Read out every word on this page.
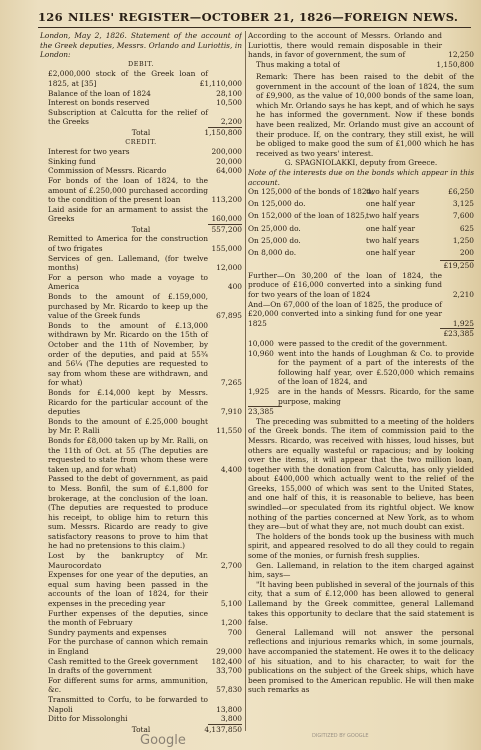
126 NILES' REGISTER—OCTOBER 21, 1826—FOREIGN NEWS.
London, May 2, 1826. Statement of the account of the Greek deputies, Messrs. Orlando and Luriottis, in London:
DEBIT.
£2,000,000 stock of the Greek loan of 1825, at [35]	£1,110,000
Balance of the loan of 1824	28,100
Interest on bonds reserved	10,500
Subscription at Calcutta for the relief of the Greeks	2,200
Total	1,150,800
CREDIT.
Interest for two years	200,000
Sinking fund	20,000
Commission of Messrs. Ricardo	64,000
For bonds of the loan of 1824, to the amount of £.250,000 purchased according to the condition of the present loan	113,200
Laid aside for an armament to assist the Greeks	160,000
Total	557,200
Remitted to America for the construction of two frigates	155,000
Services of gen. Lallemand, (for twelve months)	12,000
For a person who made a voyage to America	400
Bonds to the amount of £.159,000, purchased by Mr. Ricardo to keep up the value of the Greek funds	67,895
Bonds to the amount of £.13,000 withdrawn by Mr. Ricardo on the 15th of October and the 11th of November, by order of the deputies, and paid at 55¾ and 56¼ (The deputies are requested to say from whom these are withdrawn, and for what)	7,265
Bonds for £.14,000 kept by Messrs. Ricardo for the particular account of the deputies	7,910
Bonds to the amount of £.25,000 bought by Mr. P. Ralli	11,550
Bonds for £8,000 taken up by Mr. Ralli, on the 11th of Oct. at 55 (The deputies are requested to state from whom these were taken up, and for what)	4,400
Passed to the debt of government, as paid to Mess. Bonfil, the sum of £.1,800 for brokerage, at the conclusion of the loan. (The deputies are requested to produce his receipt, to oblige him to return this sum. Messrs. Ricardo are ready to give satisfactory reasons to prove to him that he had no pretensions to this claim.)
Lost by the bankruptcy of Mr. Maurocordato	2,700
Expenses for one year of the deputies, an equal sum having been passed in the accounts of the loan of 1824, for their expenses in the preceding year	5,100
Further expenses of the deputies, since the month of February	1,200
Sundry payments and expenses	700
For the purchase of cannon which remain in England	29,000
Cash remitted to the Greek government 182,400
In drafts of the government	33,700
For different sums for arms, ammunition, &c.	57,830
Transmitted to Corfu, to be forwarded to Napoli	13,800
Ditto for Missolonghi	3,800
Total	4,137,850
According to the account of Messrs. Orlando and Luriottis, there would remain disposable in their hands, in favor of government, the sum of	12,250
Thus making a total of	1,150,800
Remark: There has been raised to the debit of the government in the account of the loan of 1824, the sum of £9,900, as the value of 10,000 bonds of the same loan, which Mr. Orlando says he has kept, and of which he says he has informed the government. Now if these bonds have been realized, Mr. Orlando must give an account of their produce. If, on the contrary, they still exist, he will be obliged to make good the sum of £1,000 which he has received as two years' interest.
G. SPAGNIOLAKKI, deputy from Greece.
Note of the interests due on the bonds which appear in this account.
On 125,000 of the bonds of 1824,
two half years	£6,250
On 125,000 do.	one half year	3,125
On 152,000 of the loan of 1825,
two half years	7,600
On 25,000 do.	one half year	625
On 25,000 do.	two half years	1,250
On 8,000 do.	one half year	200
£19,250
Further—On 30,200 of the loan of 1824, the produce of £16,000 converted into a sinking fund for two years of the loan of 1824	2,210
And—On 67,000 of the loan of 1825, the produce of £20,000 converted into a sinking fund for one year 1825	1,925
£23,385
10,000 were passed to the credit of the government.
10,960 went into the hands of Loughman & Co. to provide for the payment of a part of the interests of the following half year, over £.520,000 which remains of the loan of 1824, and
1,925 are in the hands of Messrs. Ricardo, for the same purpose, making
23,385
The preceding was submitted to a meeting of the holders of the Greek bonds. The item of commission paid to the Messrs. Ricardo, was received with hisses, loud hisses, but others are equally wasteful or rapacious; and by looking over the items, it will appear that the two million loan, together with the donation from Calcutta, has only yielded about £400,000 which actually went to the relief of the Greeks, 155,000 of which was sent to the United States, and one half of this, it is reasonable to believe, has been swindled—or speculated from its rightful object. We know nothing of the parties concerned at New York, as to whom they are—but of what they are, not much doubt can exist.
The holders of the bonds took up the business with much spirit, and appeared resolved to do all they could to regain some of the monies, or furnish fresh supplies.
Gen. Lallemand, in relation to the item charged against him, says—
"It having been published in several of the journals of this city, that a sum of £.12,000 has been allowed to general Lallemand by the Greek committee, general Lallemand takes this opportunity to declare that the said statement is false.
General Lallemand will not answer the personal reflections and injurious remarks which, in some journals, have accompanied the statement. He owes it to the delicacy of his situation, and to his character, to wait for the publications on the subject of the Greek ships, which have been promised to the American republic. He will then make such remarks as
Google	DIGITIZED BY GOOGLE
